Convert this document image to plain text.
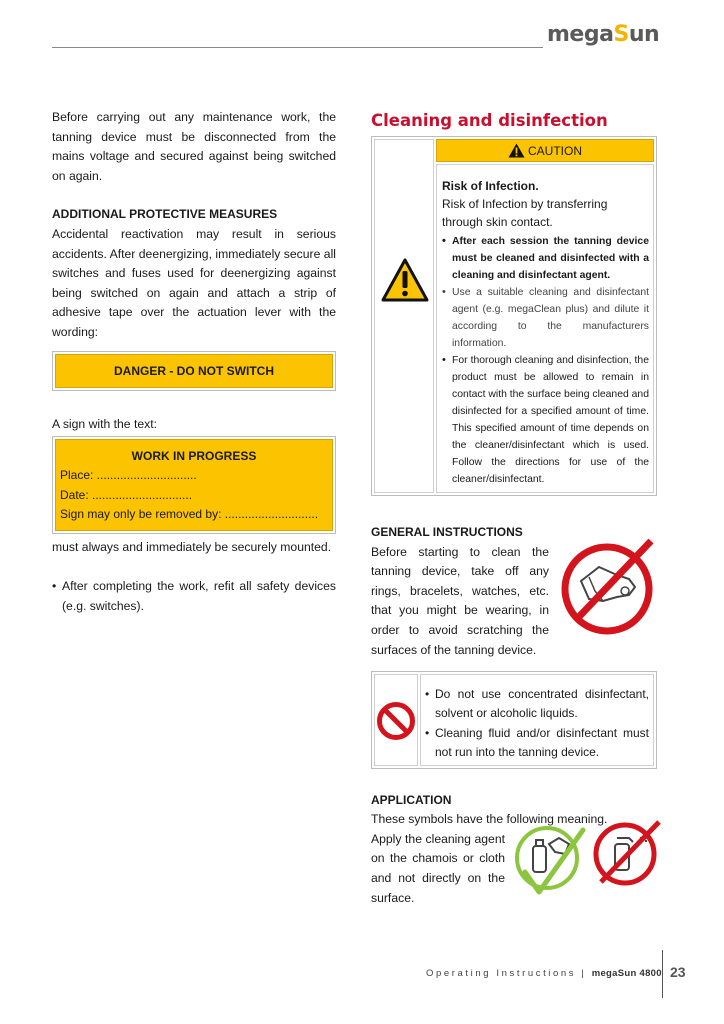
megaSun

Before carrying out any maintenance work, the tanning device must be disconnected from the mains voltage and secured against being switched on again.

ADDITIONAL PROTECTIVE MEASURES

Accidental reactivation may result in serious accidents. After deenergizing, immediately secure all switches and fuses used for deenergizing against being switched on again and attach a strip of adhesive tape over the actuation lever with the wording:

DANGER - DO NOT SWITCH

A sign with the text:

WORK IN PROGRESS
Place: ..............................
Date: ..............................
Sign may only be removed by: ............................

must always and immediately be securely mounted.

• After completing the work, refit all safety devices (e.g. switches).

Cleaning and disinfection
CAUTION
Risk of Infection.
Risk of Infection by transferring through skin contact.
• After each session the tanning device must be cleaned and disinfected with a cleaning and disinfectant agent.
• Use a suitable cleaning and disinfectant agent (e.g. megaClean plus) and dilute it according to the manufacturers information.
• For thorough cleaning and disinfection, the product must be allowed to remain in contact with the surface being cleaned and disinfected for a specified amount of time. This specified amount of time depends on the cleaner/disinfectant which is used. Follow the directions for use of the cleaner/disinfectant.
GENERAL INSTRUCTIONS

Before starting to clean the tanning device, take off any rings, bracelets, watches, etc. that you might be wearing, in order to avoid scratching the surfaces of the tanning device.

• Do not use concentrated disinfectant, solvent or alcoholic liquids.
• Cleaning fluid and/or disinfectant must not run into the tanning device.
APPLICATION

These symbols have the following meaning.

Apply the cleaning agent on the chamois or cloth and not directly on the surface.

Operating Instructions | megaSun 4800 23
